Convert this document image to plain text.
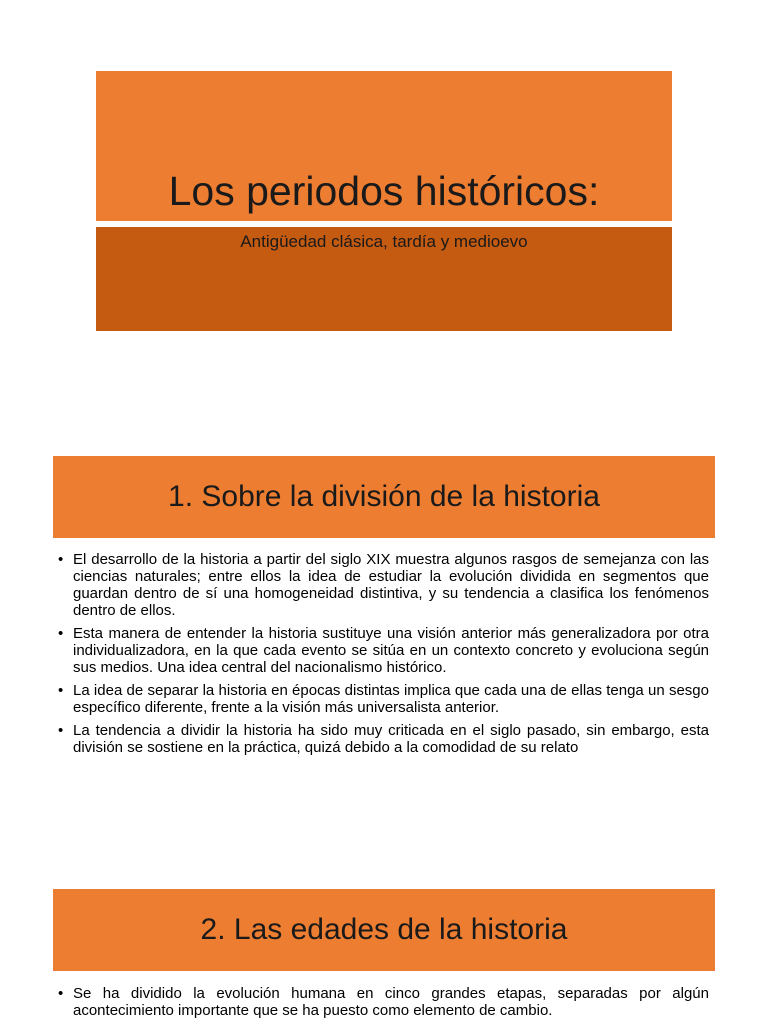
Los periodos históricos:
Antigüedad clásica, tardía y medioevo
1. Sobre la división de la historia
• El desarrollo de la historia a partir del siglo XIX muestra algunos rasgos de semejanza con las ciencias naturales; entre ellos la idea de estudiar la evolución dividida en segmentos que guardan dentro de sí una homogeneidad distintiva, y su tendencia a clasifica los fenómenos dentro de ellos.
• Esta manera de entender la historia sustituye una visión anterior más generalizadora por otra individualizadora, en la que cada evento se sitúa en un contexto concreto y evoluciona según sus medios. Una idea central del nacionalismo histórico.
• La idea de separar la historia en épocas distintas implica que cada una de ellas tenga un sesgo específico diferente, frente a la visión más universalista anterior.
• La tendencia a dividir la historia ha sido muy criticada en el siglo pasado, sin embargo, esta división se sostiene en la práctica, quizá debido a la comodidad de su relato
2. Las edades de la historia
• Se ha dividido la evolución humana en cinco grandes etapas, separadas por algún acontecimiento importante que se ha puesto como elemento de cambio.
